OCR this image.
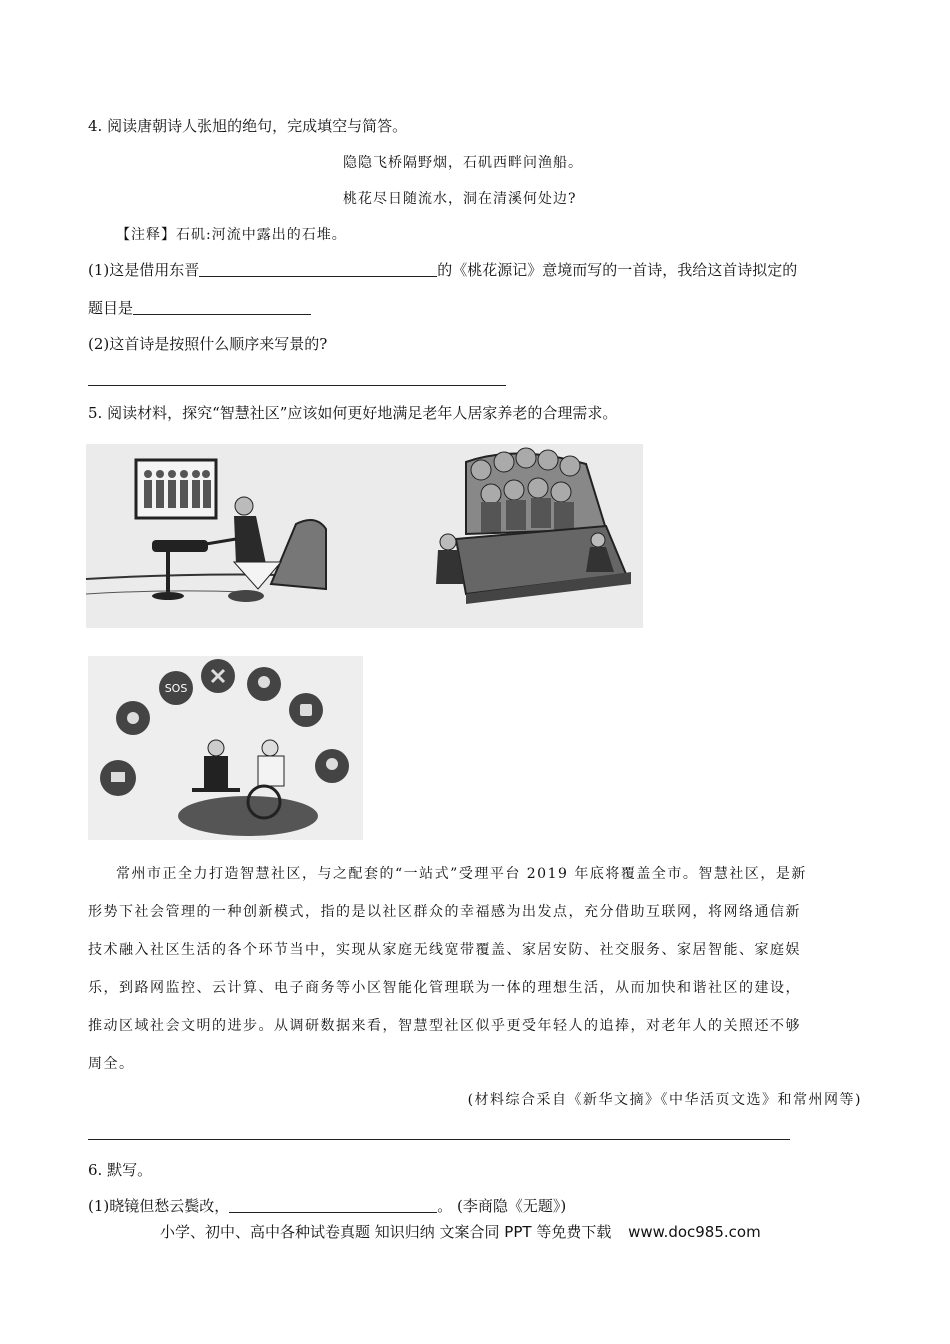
4. 阅读唐朝诗人张旭的绝句，完成填空与简答。
隐隐飞桥隔野烟，石矶西畔问渔船。
桃花尽日随流水，洞在清溪何处边?
【注释】石矶:河流中露出的石堆。
(1)这是借用东晋	的《桃花源记》意境而写的一首诗，我给这首诗拟定的
题目是
(2)这首诗是按照什么顺序来写景的?
5. 阅读材料，探究“智慧社区”应该如何更好地满足老年人居家养老的合理需求。
SOS
常州市正全力打造智慧社区，与之配套的“一站式”受理平台 2019 年底将覆盖全市。智慧社区，是新
形势下社会管理的一种创新模式，指的是以社区群众的幸福感为出发点，充分借助互联网，将网络通信新
技术融入社区生活的各个环节当中，实现从家庭无线宽带覆盖、家居安防、社交服务、家居智能、家庭娱
乐，到路网监控、云计算、电子商务等小区智能化管理联为一体的理想生活，从而加快和谐社区的建设，
推动区域社会文明的进步。从调研数据来看，智慧型社区似乎更受年轻人的追捧，对老年人的关照还不够
周全。
(材料综合采自《新华文摘》《中华活页文选》和常州网等)
6. 默写。
(1)晓镜但愁云鬓改，	。 (李商隐《无题》)
小学、初中、高中各种试卷真题 知识归纳 文案合同 PPT 等免费下载 www.doc985.com
